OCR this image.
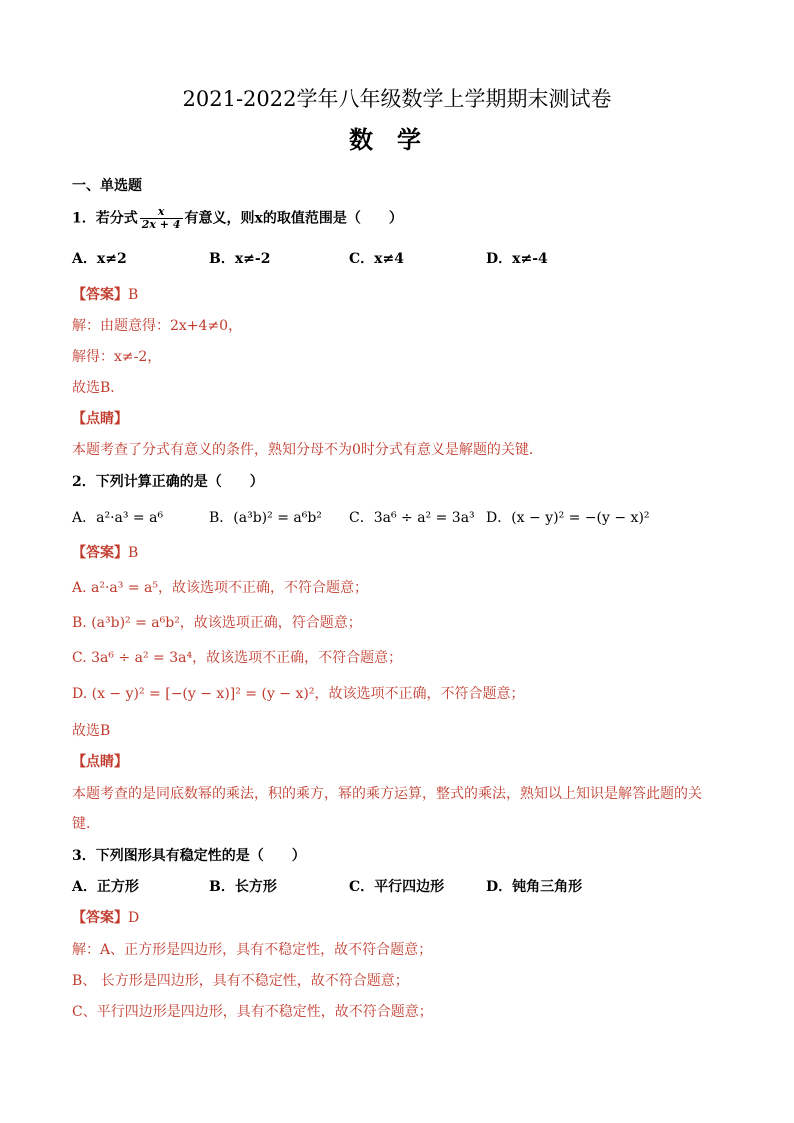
2021-2022学年八年级数学上学期期末测试卷
数学
一、单选题
1．若分式 $\frac{x}{2x + 4}$ 有意义，则x的取值范围是（　　）
A．x≠2	B．x≠-2	C．x≠4	D．x≠-4
【答案】B
解：由题意得：2x+4≠0，
解得：x≠-2，
故选B．
【点睛】
本题考查了分式有意义的条件，熟知分母不为0时分式有意义是解题的关键．
2．下列计算正确的是（　　）
A．a²·a³ = a⁶	B．(a³b)² = a⁶b² C．3a⁶ ÷ a² = 3a³ D．(x − y)² = −(y − x)²
【答案】B
A. a²·a³ = a⁵，故该选项不正确，不符合题意；
B. (a³b)² = a⁶b²，故该选项正确，符合题意；
C. 3a⁶ ÷ a² = 3a⁴，故该选项不正确，不符合题意；
D. (x − y)² = [−(y − x)]² = (y − x)²，故该选项不正确，不符合题意；
故选B
【点睛】
本题考查的是同底数幂的乘法，积的乘方，幂的乘方运算，整式的乘法，熟知以上知识是解答此题的关
键．
3．下列图形具有稳定性的是（　　）
A．正方形	B．长方形	C．平行四边形	D．钝角三角形
【答案】D
解：A、正方形是四边形，具有不稳定性，故不符合题意；
B、 长方形是四边形，具有不稳定性，故不符合题意；
C、平行四边形是四边形，具有不稳定性，故不符合题意；
